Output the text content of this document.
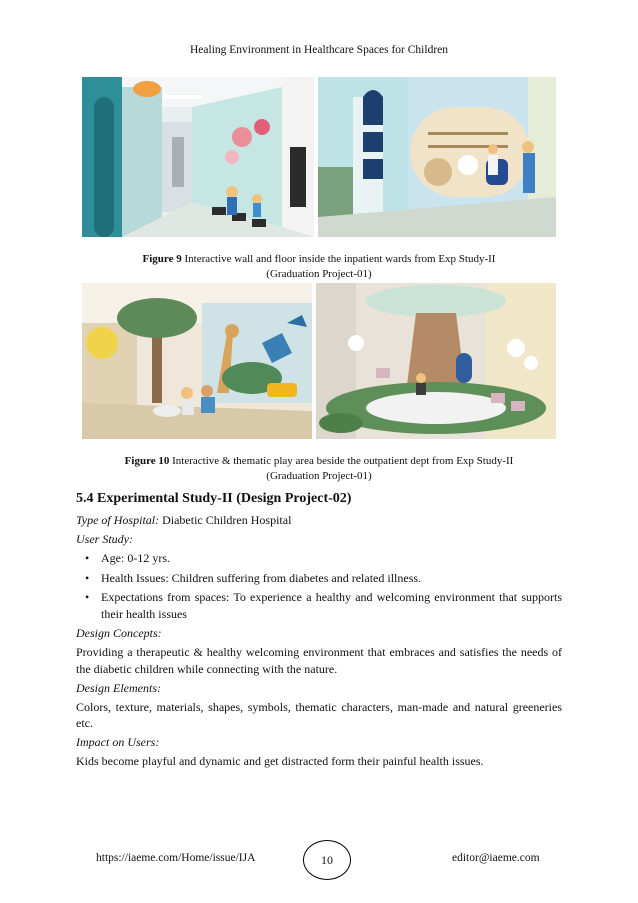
Healing Environment in Healthcare Spaces for Children
Figure 9 Interactive wall and floor inside the inpatient wards from Exp Study-II
(Graduation Project-01)
Figure 10 Interactive & thematic play area beside the outpatient dept from Exp Study-II
(Graduation Project-01)
5.4 Experimental Study-II (Design Project-02)
Type of Hospital: Diabetic Children Hospital
User Study:
• Age: 0-12 yrs.
• Health Issues: Children suffering from diabetes and related illness.
• Expectations from spaces: To experience a healthy and welcoming environment that supports their health issues
Design Concepts:
Providing a therapeutic & healthy welcoming environment that embraces and satisfies the needs of the diabetic children while connecting with the nature.
Design Elements:
Colors, texture, materials, shapes, symbols, thematic characters, man-made and natural greeneries etc.
Impact on Users:
Kids become playful and dynamic and get distracted form their painful health issues.
https://iaeme.com/Home/issue/IJA	10	editor@iaeme.com
